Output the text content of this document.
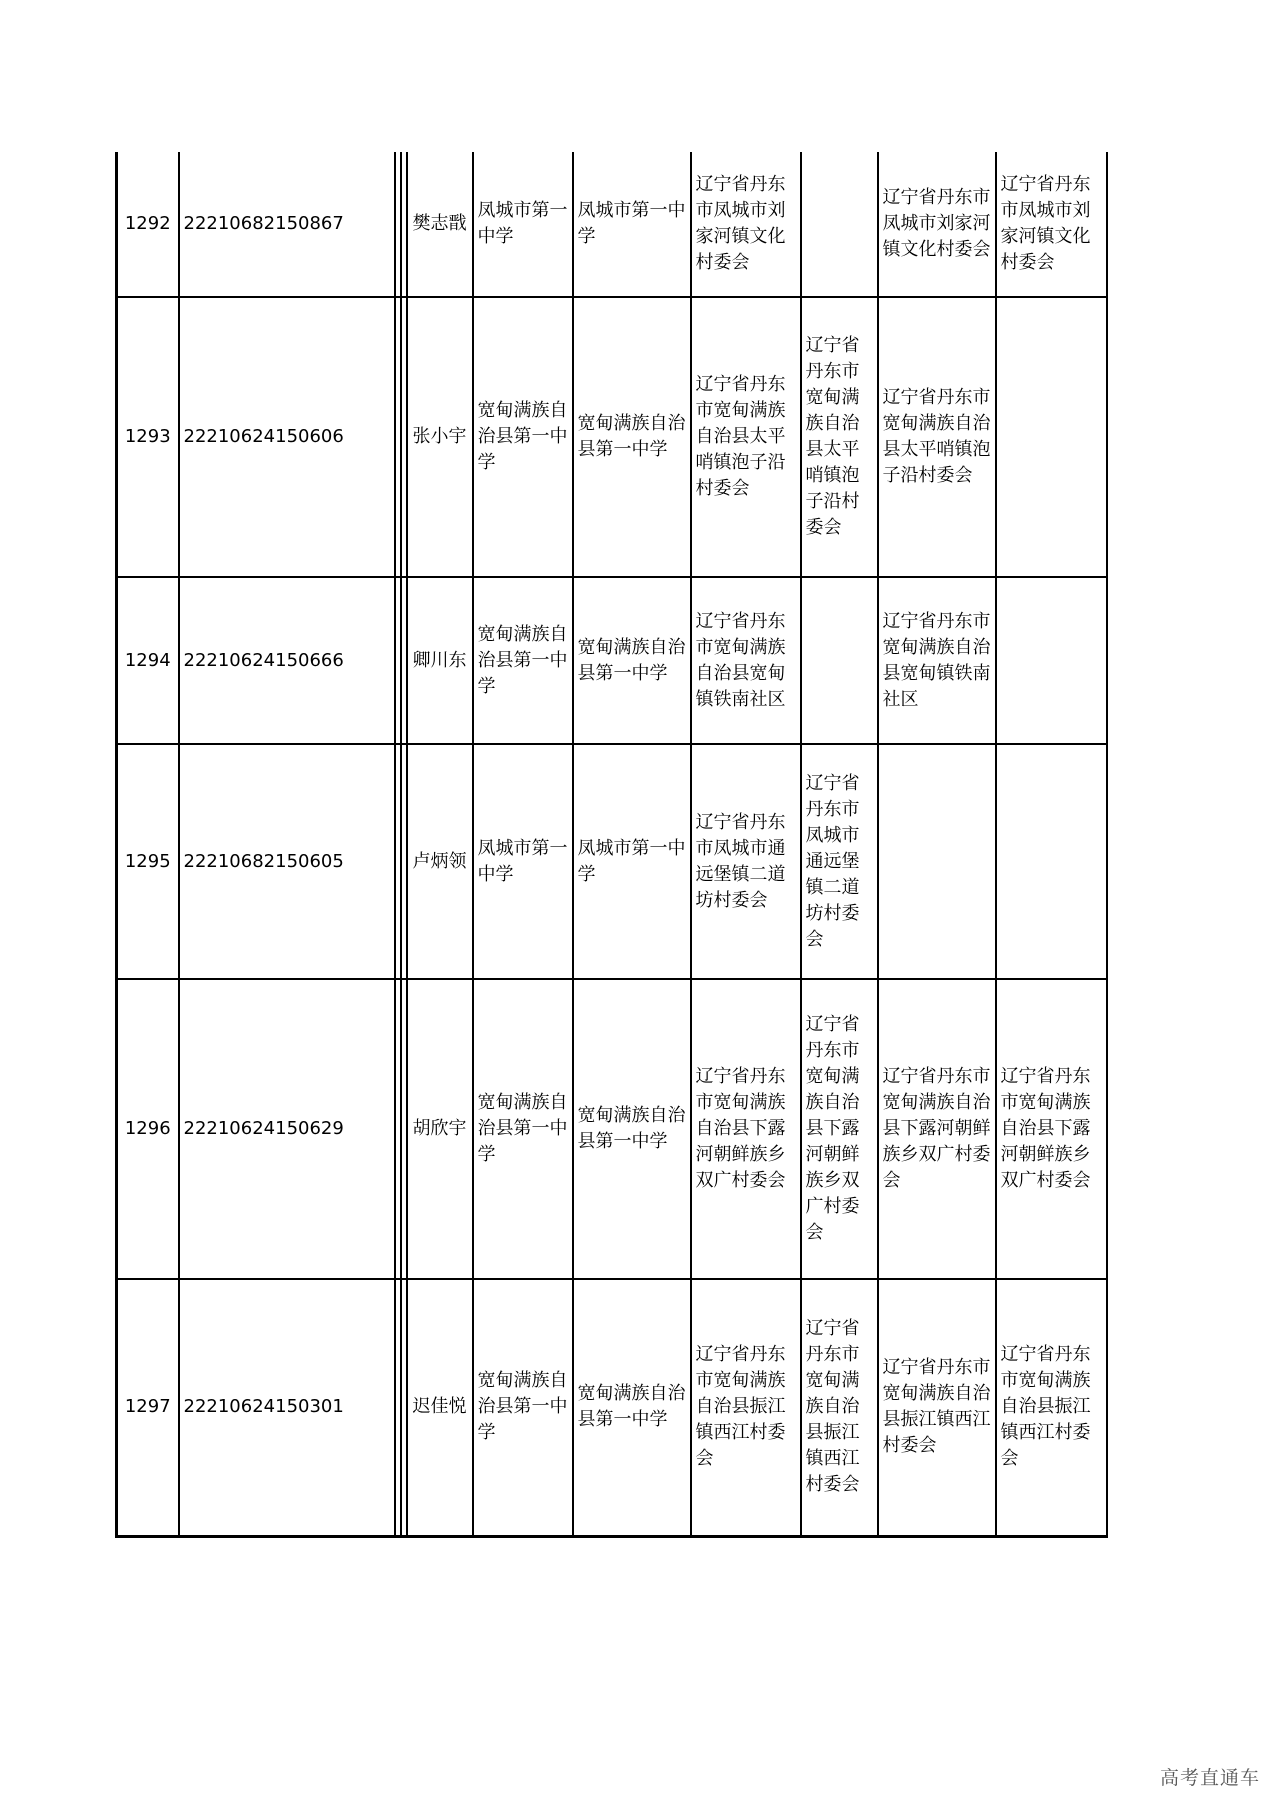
1292	22210682150867			樊志戬	凤城市第一中学	凤城市第一中学	辽宁省丹东市凤城市刘家河镇文化村委会		辽宁省丹东市凤城市刘家河镇文化村委会	辽宁省丹东市凤城市刘家河镇文化村委会
1293	22210624150606			张小宇	宽甸满族自治县第一中学	宽甸满族自治县第一中学	辽宁省丹东市宽甸满族自治县太平哨镇泡子沿村委会	辽宁省丹东市宽甸满族自治县太平哨镇泡子沿村委会	辽宁省丹东市宽甸满族自治县太平哨镇泡子沿村委会	
1294	22210624150666			卿川东	宽甸满族自治县第一中学	宽甸满族自治县第一中学	辽宁省丹东市宽甸满族自治县宽甸镇铁南社区		辽宁省丹东市宽甸满族自治县宽甸镇铁南社区	
1295	22210682150605			卢炳领	凤城市第一中学	凤城市第一中学	辽宁省丹东市凤城市通远堡镇二道坊村委会	辽宁省丹东市凤城市通远堡镇二道坊村委会		
1296	22210624150629			胡欣宇	宽甸满族自治县第一中学	宽甸满族自治县第一中学	辽宁省丹东市宽甸满族自治县下露河朝鲜族乡双广村委会	辽宁省丹东市宽甸满族自治县下露河朝鲜族乡双广村委会	辽宁省丹东市宽甸满族自治县下露河朝鲜族乡双广村委会	辽宁省丹东市宽甸满族自治县下露河朝鲜族乡双广村委会
1297	22210624150301			迟佳悦	宽甸满族自治县第一中学	宽甸满族自治县第一中学	辽宁省丹东市宽甸满族自治县振江镇西江村委会	辽宁省丹东市宽甸满族自治县振江镇西江村委会	辽宁省丹东市宽甸满族自治县振江镇西江村委会	辽宁省丹东市宽甸满族自治县振江镇西江村委会
高考直通车
